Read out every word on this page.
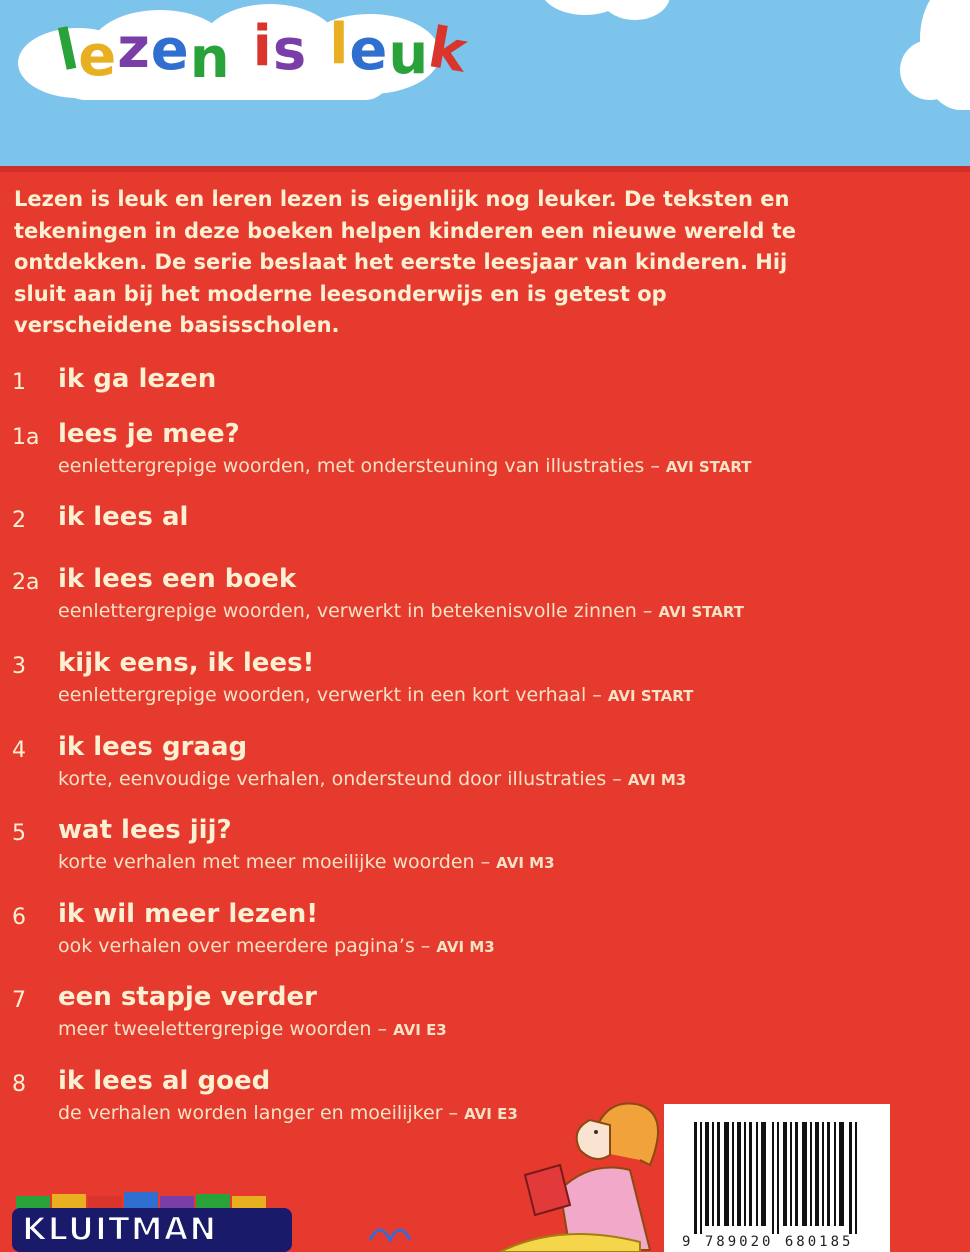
lezen is leuk

Lezen is leuk en leren lezen is eigenlijk nog leuker. De teksten en tekeningen in deze boeken helpen kinderen een nieuwe wereld te ontdekken. De serie beslaat het eerste leesjaar van kinderen. Hij sluit aan bij het moderne leesonderwijs en is getest op verscheidene basisscholen.

1 ik ga lezen
1a lees je mee?
eenlettergrepige woorden, met ondersteuning van illustraties – AVI START
2 ik lees al
2a ik lees een boek
eenlettergrepige woorden, verwerkt in betekenisvolle zinnen – AVI START
3 kijk eens, ik lees!
eenlettergrepige woorden, verwerkt in een kort verhaal – AVI START
4 ik lees graag
korte, eenvoudige verhalen, ondersteund door illustraties – AVI M3
5 wat lees jij?
korte verhalen met meer moeilijke woorden – AVI M3
6 ik wil meer lezen!
ook verhalen over meerdere pagina’s – AVI M3
7 een stapje verder
meer tweelettergrepige woorden – AVI E3
8 ik lees al goed
de verhalen worden langer en moeilijker – AVI E3
9 789020 680185
KLUITMAN
